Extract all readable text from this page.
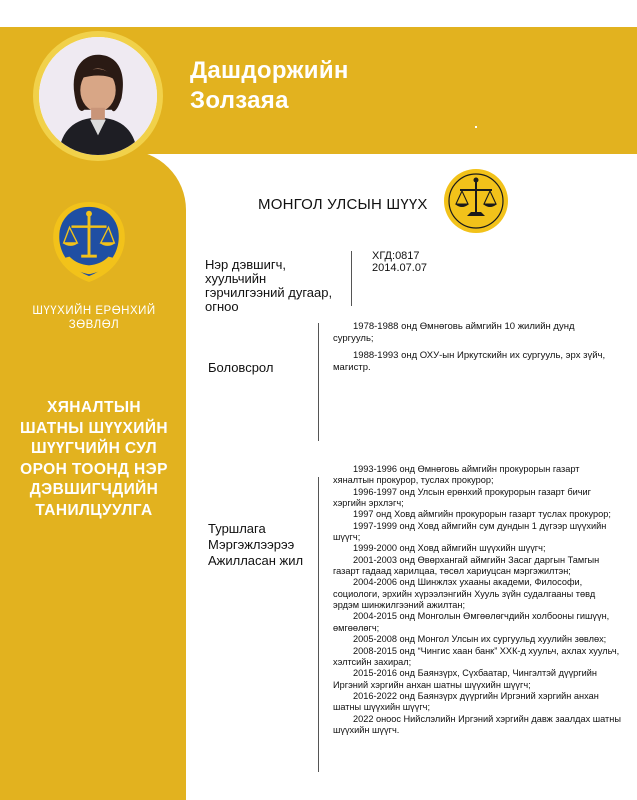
Дашдоржийн
Золзаяа
ШҮҮХИЙН ЕРӨНХИЙ ЗӨВЛӨЛ
ХЯНАЛТЫН ШАТНЫ ШҮҮХИЙН ШҮҮГЧИЙН СУЛ ОРОН ТООНД НЭР ДЭВШИГЧДИЙН ТАНИЛЦУУЛГА
МОНГОЛ УЛСЫН ШҮҮХ
Нэр дэвшигч, хуульчийн гэрчилгээний дугаар, огноо
ХГД:0817
2014.07.07
Боловсрол

1978-1988 онд Өмнөговь аймгийн 10 жилийн дунд сургууль;

1988-1993 онд ОХУ-ын Иркутскийн их сургууль, эрх зүйч, магистр.

Туршлага Мэргэжлээрээ Ажилласан жил

1993-1996 онд Өмнөговь аймгийн прокурорын газарт хяналтын прокурор, туслах прокурор;

1996-1997 онд Улсын ерөнхий прокурорын газарт бичиг хэргийн эрхлэгч;

1997 онд Ховд аймгийн прокурорын газарт туслах прокурор;

1997-1999 онд Ховд аймгийн сум дундын 1 дүгээр шүүхийн шүүгч;

1999-2000 онд Ховд аймгийн шүүхийн шүүгч;

2001-2003 онд Өвөрхангай аймгийн Засаг даргын Тамгын газарт гадаад харилцаа, төсөл хариуцсан мэргэжилтэн;

2004-2006 онд Шинжлэх ухааны академи, Философи, социологи, эрхийн хүрээлэнгийн Хууль зүйн судалгааны төвд эрдэм шинжилгээний ажилтан;

2004-2015 онд Монголын Өмгөөлөгчдийн холбооны гишүүн, өмгөөлөгч;

2005-2008 онд Монгол Улсын их сургуульд хуулийн зөвлөх;

2008-2015 онд “Чингис хаан банк” ХХК-д хуульч, ахлах хуульч, хэлтсийн захирал;

2015-2016 онд Баянзүрх, Сүхбаатар, Чингэлтэй дүүргийн Иргэний хэргийн анхан шатны шүүхийн шүүгч;

2016-2022 онд Баянзүрх дүүргийн Иргэний хэргийн анхан шатны шүүхийн шүүгч;

2022 оноос Нийслэлийн Иргэний хэргийн давж заалдах шатны шүүхийн шүүгч.
